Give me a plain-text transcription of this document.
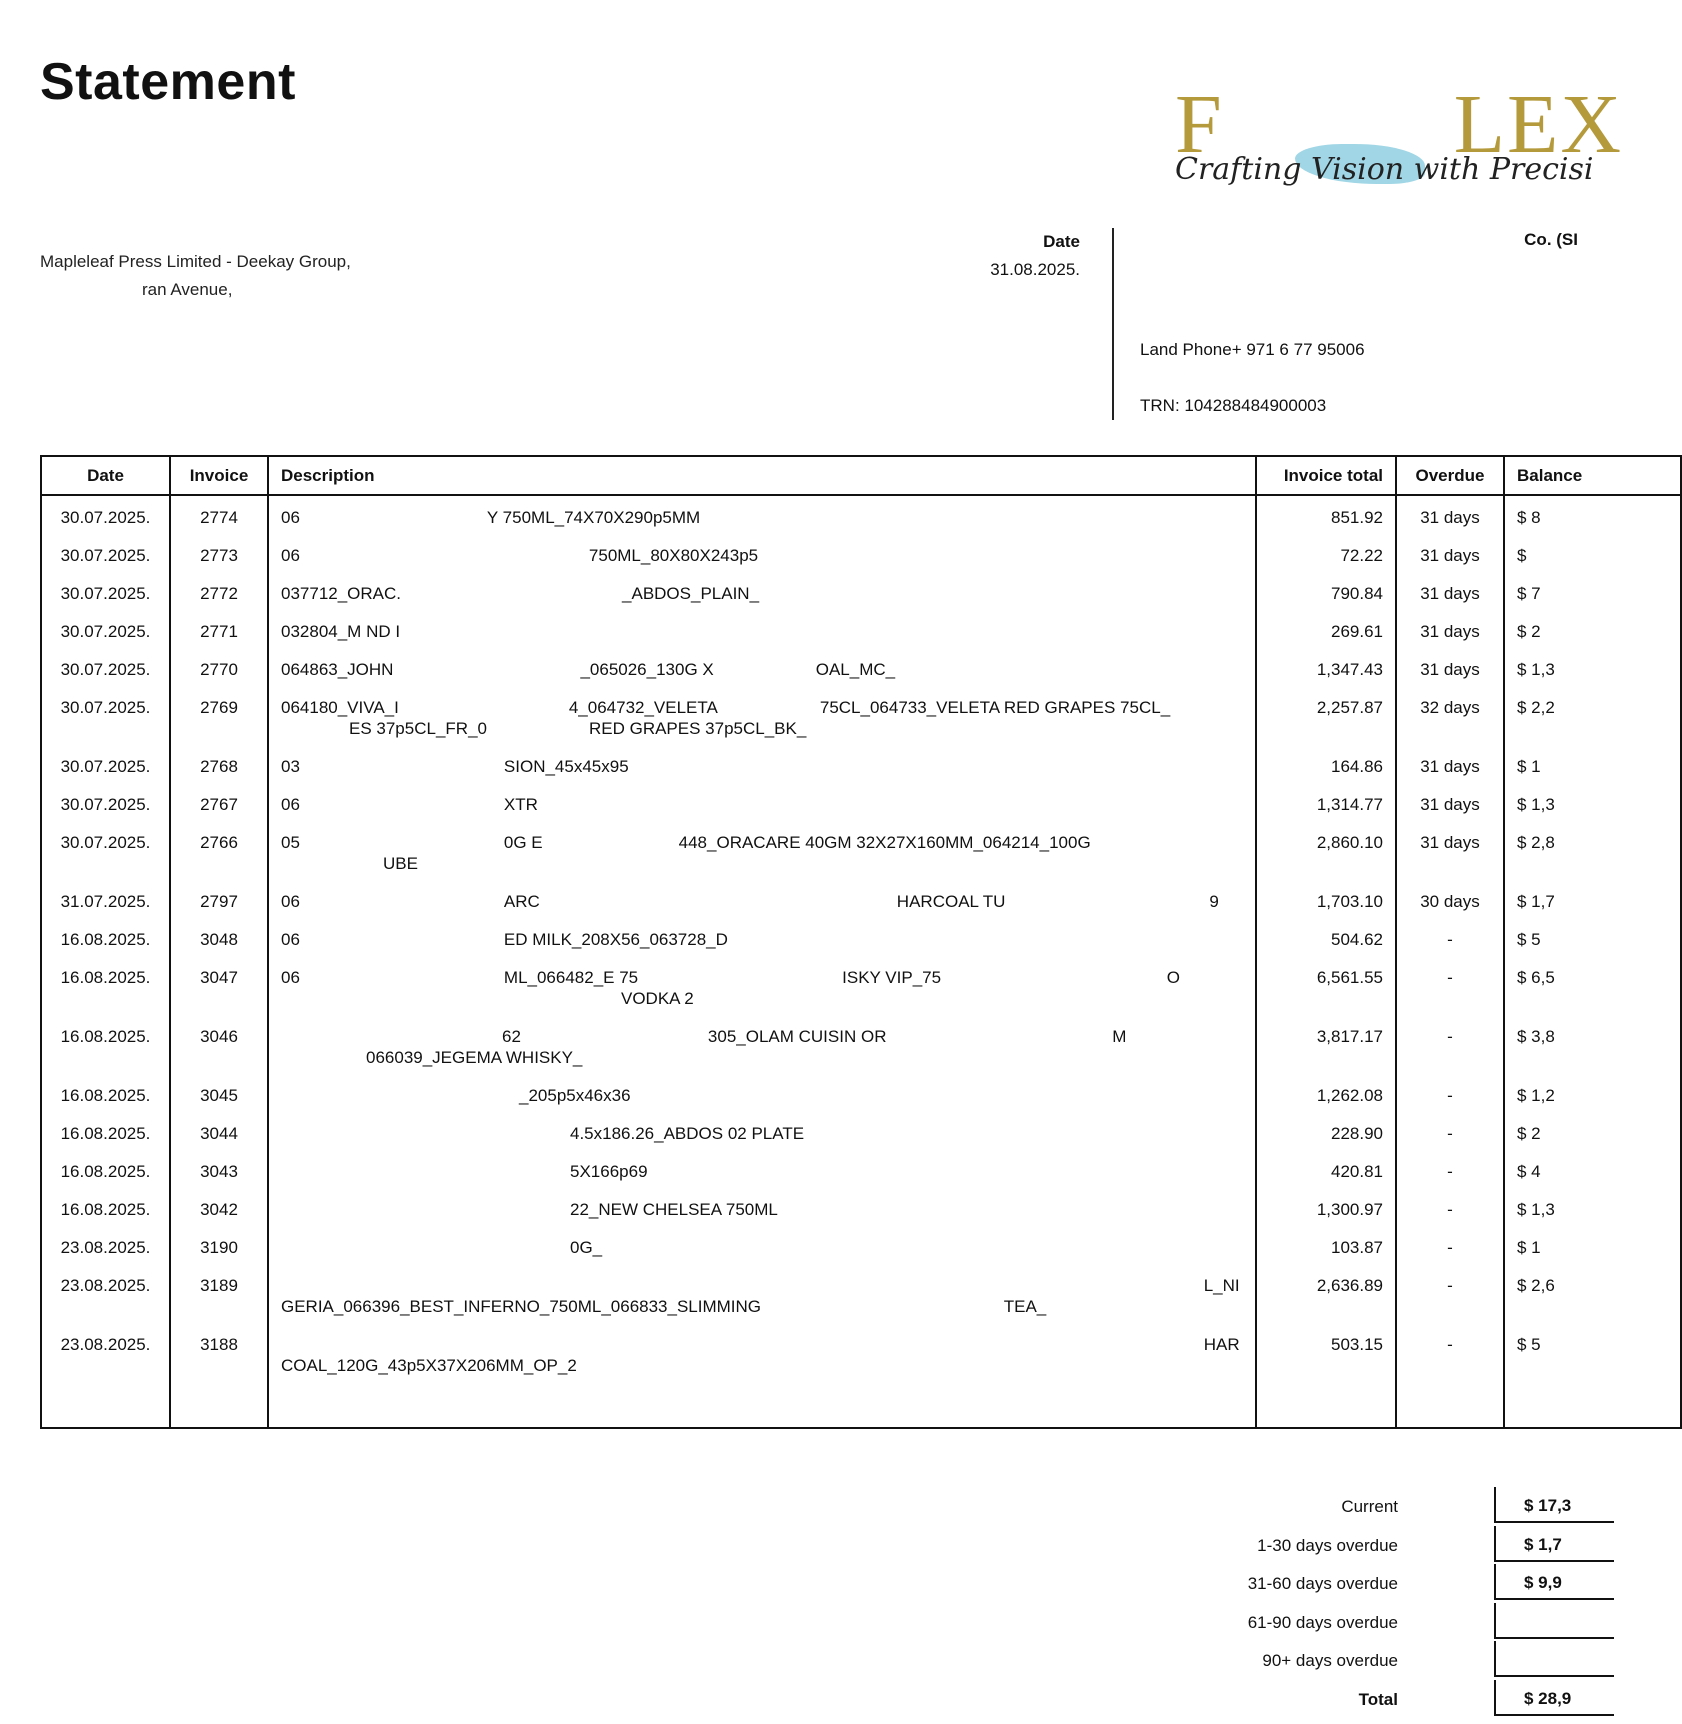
Statement	F	LEX
Crafting Vision with Precisi
Mapleleaf Press Limited - Deekay Group,
ran Avenue,
Date
31.08.2025.
Co. (SI
Land Phone+ 971 6 77 95006
TRN: 104288484900003
Date	Invoice	Description	Invoice total	Overdue	Balance
30.07.2025.	2774	06           Y 750ML_74X70X290p5MM	851.92	31 days	$ 8
30.07.2025.	2773	06                 750ML_80X80X243p5	72.22	31 days	$
30.07.2025.	2772	037712_ORAC.             _ABDOS_PLAIN_	790.84	31 days	$ 7
30.07.2025.	2771	032804_M ND I	269.61	31 days	$ 2
30.07.2025.	2770	064863_JOHN           _065026_130G X      OAL_MC_	1,347.43	31 days	$ 1,3
30.07.2025.	2769	064180_VIVA_I          4_064732_VELETA      75CL_064733_VELETA RED GRAPES 75CL_        ES 37p5CL_FR_0      RED GRAPES 37p5CL_BK_	2,257.87	32 days	$ 2,2
30.07.2025.	2768	03            SION_45x45x95	164.86	31 days	$ 1
30.07.2025.	2767	06            XTR	1,314.77	31 days	$ 1,3
30.07.2025.	2766	05            0G E        448_ORACARE 40GM 32X27X160MM_064214_100G               UBE	2,860.10	31 days	$ 2,8
31.07.2025.	2797	06            ARC                     HARCOAL TU            9	1,703.10	30 days	$ 1,7
16.08.2025.	3048	06            ED MILK_208X56_063728_D	504.62	-	$ 5
16.08.2025.	3047	06            ML_066482_E 75            ISKY VIP_75              O                       VODKA 2	6,561.55	-	$ 6,5
16.08.2025.	3046	             62           305_OLAM CUISIN OR              M           066039_JEGEMA WHISKY_	3,817.17	-	$ 3,8
16.08.2025.	3045	              _205p5x46x36	1,262.08	-	$ 1,2
16.08.2025.	3044	                 4.5x186.26_ABDOS 02 PLATE	228.90	-	$ 2
16.08.2025.	3043	                 5X166p69	420.81	-	$ 4
16.08.2025.	3042	                 22_NEW CHELSEA 750ML	1,300.97	-	$ 1,3
23.08.2025.	3190	                 0G_	103.87	-	$ 1
23.08.2025.	3189	                                                       L_NIGERIA_066396_BEST_INFERNO_750ML_066833_SLIMMING               TEA_	2,636.89	-	$ 2,6
23.08.2025.	3188	                                                       HARCOAL_120G_43p5X37X206MM_OP_2	503.15	-	$ 5

Current	$ 17,3
1-30 days overdue	$ 1,7
31-60 days overdue	$ 9,9
61-90 days overdue
90+ days overdue
Total	$ 28,9
